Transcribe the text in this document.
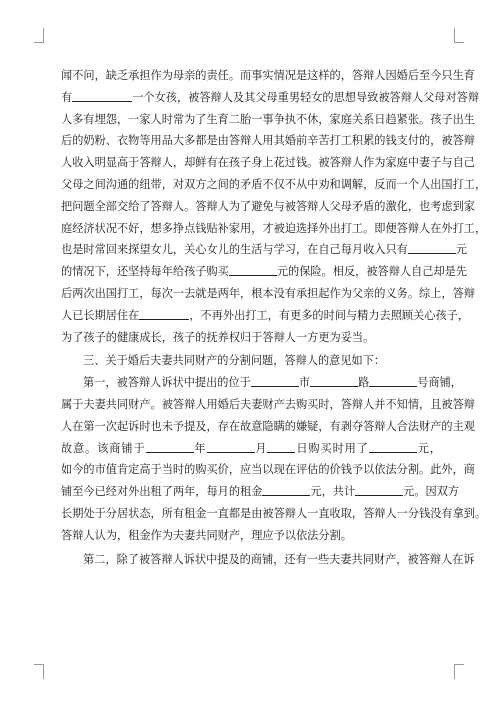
闻不问，缺乏承担作为母亲的责任。而事实情况是这样的，答辩人因婚后至今只生育
有	一个女孩，被答辩人及其父母重男轻女的思想导致被答辩人父母对答辩
人多有埋怨，一家人时常为了生育二胎一事争执不休，家庭关系日趋紧张。孩子出生
后的奶粉、衣物等用品大多都是由答辩人用其婚前辛苦打工积累的钱支付的，被答辩
人收入明显高于答辩人，却鲜有在孩子身上花过钱。被答辩人作为家庭中妻子与自己
父母之间沟通的纽带，对双方之间的矛盾不仅不从中劝和调解，反而一个人出国打工，
把问题全部交给了答辩人。答辩人为了避免与被答辩人父母矛盾的激化，也考虑到家
庭经济状况不好，想多挣点钱贴补家用，才被迫选择外出打工。即便答辩人在外打工，
也是时常回来探望女儿，关心女儿的生活与学习，在自己每月收入只有	元
的情况下，还坚持每年给孩子购买	元的保险。相反，被答辩人自己却是先
后两次出国打工，每次一去就是两年，根本没有承担起作为父亲的义务。综上，答辩
人已长期居住在	，不再外出打工，有更多的时间与精力去照顾关心孩子，
为了孩子的健康成长，孩子的抚养权归于答辩人一方更为妥当。
三、关于婚后夫妻共同财产的分割问题，答辩人的意见如下：
第一，被答辩人诉状中提出的位于	市	路	号商铺，
属于夫妻共同财产。被答辩人用婚后夫妻财产去购买时，答辩人并不知情，且被答辩
人在第一次起诉时也未予提及，存在故意隐瞒的嫌疑，有剥夺答辩人合法财产的主观
故意。该商铺于	年	月	日购买时用了	元，
如今的市值肯定高于当时的购买价，应当以现在评估的价钱予以依法分割。此外，商
铺至今已经对外出租了两年，每月的租金	元，共计	元。因双方
长期处于分居状态，所有租金一直都是由被答辩人一直收取，答辩人一分钱没有拿到。
答辩人认为，租金作为夫妻共同财产，理应予以依法分割。
第二，除了被答辩人诉状中提及的商铺，还有一些夫妻共同财产，被答辩人在诉
